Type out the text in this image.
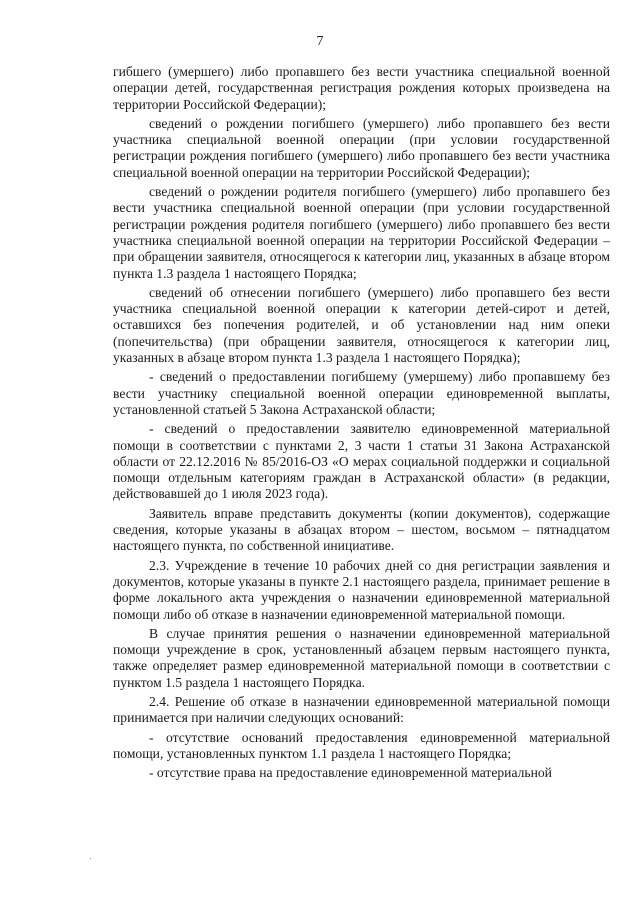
7

гибшего (умершего) либо пропавшего без вести участника специальной военной операции детей, государственная регистрация рождения которых произведена на территории Российской Федерации);

сведений о рождении погибшего (умершего) либо пропавшего без вести участника специальной военной операции (при условии государственной регистрации рождения погибшего (умершего) либо пропавшего без вести участника специальной военной операции на территории Российской Федерации);

сведений о рождении родителя погибшего (умершего) либо пропавшего без вести участника специальной военной операции (при условии государственной регистрации рождения родителя погибшего (умершего) либо пропавшего без вести участника специальной военной операции на территории Российской Федерации – при обращении заявителя, относящегося к категории лиц, указанных в абзаце втором пункта 1.3 раздела 1 настоящего Порядка;

сведений об отнесении погибшего (умершего) либо пропавшего без вести участника специальной военной операции к категории детей-сирот и детей, оставшихся без попечения родителей, и об установлении над ним опеки (попечительства) (при обращении заявителя, относящегося к категории лиц, указанных в абзаце втором пункта 1.3 раздела 1 настоящего Порядка);

- сведений о предоставлении погибшему (умершему) либо пропавшему без вести участнику специальной военной операции единовременной выплаты, установленной статьей 5 Закона Астраханской области;

- сведений о предоставлении заявителю единовременной материальной помощи в соответствии с пунктами 2, 3 части 1 статьи 31 Закона Астраханской области от 22.12.2016 № 85/2016-ОЗ «О мерах социальной поддержки и социальной помощи отдельным категориям граждан в Астраханской области» (в редакции, действовавшей до 1 июля 2023 года).

Заявитель вправе представить документы (копии документов), содержащие сведения, которые указаны в абзацах втором – шестом, восьмом – пятнадцатом настоящего пункта, по собственной инициативе.

2.3. Учреждение в течение 10 рабочих дней со дня регистрации заявления и документов, которые указаны в пункте 2.1 настоящего раздела, принимает решение в форме локального акта учреждения о назначении единовременной материальной помощи либо об отказе в назначении единовременной материальной помощи.

В случае принятия решения о назначении единовременной материальной помощи учреждение в срок, установленный абзацем первым настоящего пункта, также определяет размер единовременной материальной помощи в соответствии с пунктом 1.5 раздела 1 настоящего Порядка.

2.4. Решение об отказе в назначении единовременной материальной помощи принимается при наличии следующих оснований:

- отсутствие оснований предоставления единовременной материальной помощи, установленных пунктом 1.1 раздела 1 настоящего Порядка;

- отсутствие права на предоставление единовременной материальной
